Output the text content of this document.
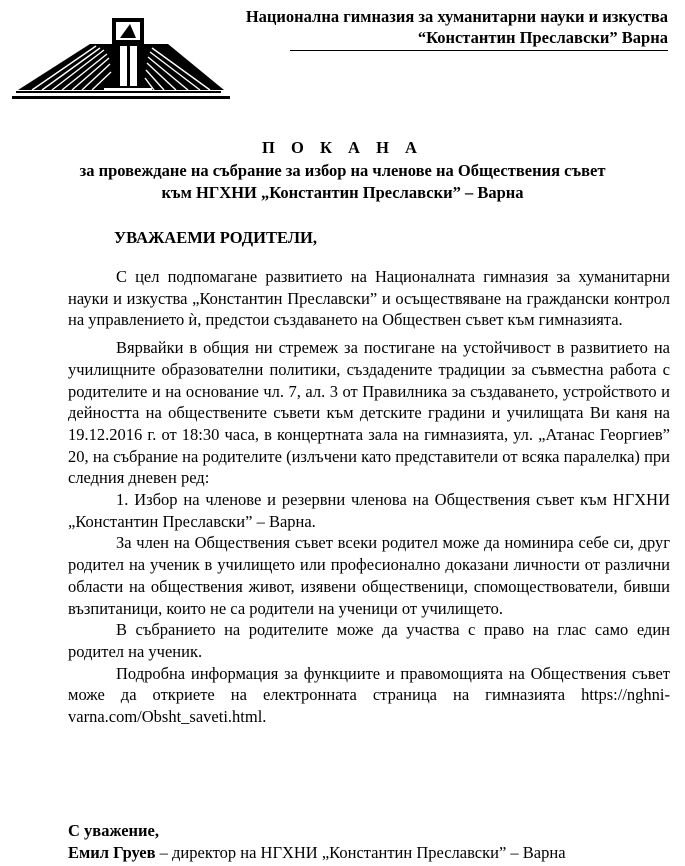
Национална гимназия за хуманитарни науки и изкуства
“Константин Преславски” Варна
П О К А Н А
за провеждане на събрание за избор на членове на Обществения съвет
към НГХНИ „Константин Преславски” – Варна
УВАЖАЕМИ РОДИТЕЛИ,

С цел подпомагане развитието на Националната гимназия за хуманитарни науки и изкуства „Константин Преславски” и осъществяване на граждански контрол на управлението ѝ, предстои създаването на Обществен съвет към гимназията.

Вярвайки в общия ни стремеж за постигане на устойчивост в развитието на училищните образователни политики, създадените традиции за съвместна работа с родителите и на основание чл. 7, ал. 3 от Правилника за създаването, устройството и дейността на обществените съвети към детските градини и училищата Ви каня на 19.12.2016 г. от 18:30 часа, в концертната зала на гимназията, ул. „Атанас Георгиев” 20, на събрание на родителите (излъчени като представители от всяка паралелка) при следния дневен ред:

1. Избор на членове и резервни членова на Обществения съвет към НГХНИ „Константин Преславски” – Варна.

За член на Обществения съвет всеки родител може да номинира себе си, друг родител на ученик в училището или професионално доказани личности от различни области на обществения живот, изявени общественици, спомоществователи, бивши възпитаници, които не са родители на ученици от училището.

В събранието на родителите може да участва с право на глас само един родител на ученик.

Подробна информация за функциите и правомощията на Обществения съвет може да откриете на електронната страница на гимназията https://nghni-varna.com/Obsht_saveti.html.

С уважение,
Емил Груев – директор на НГХНИ „Константин Преславски” – Варна
